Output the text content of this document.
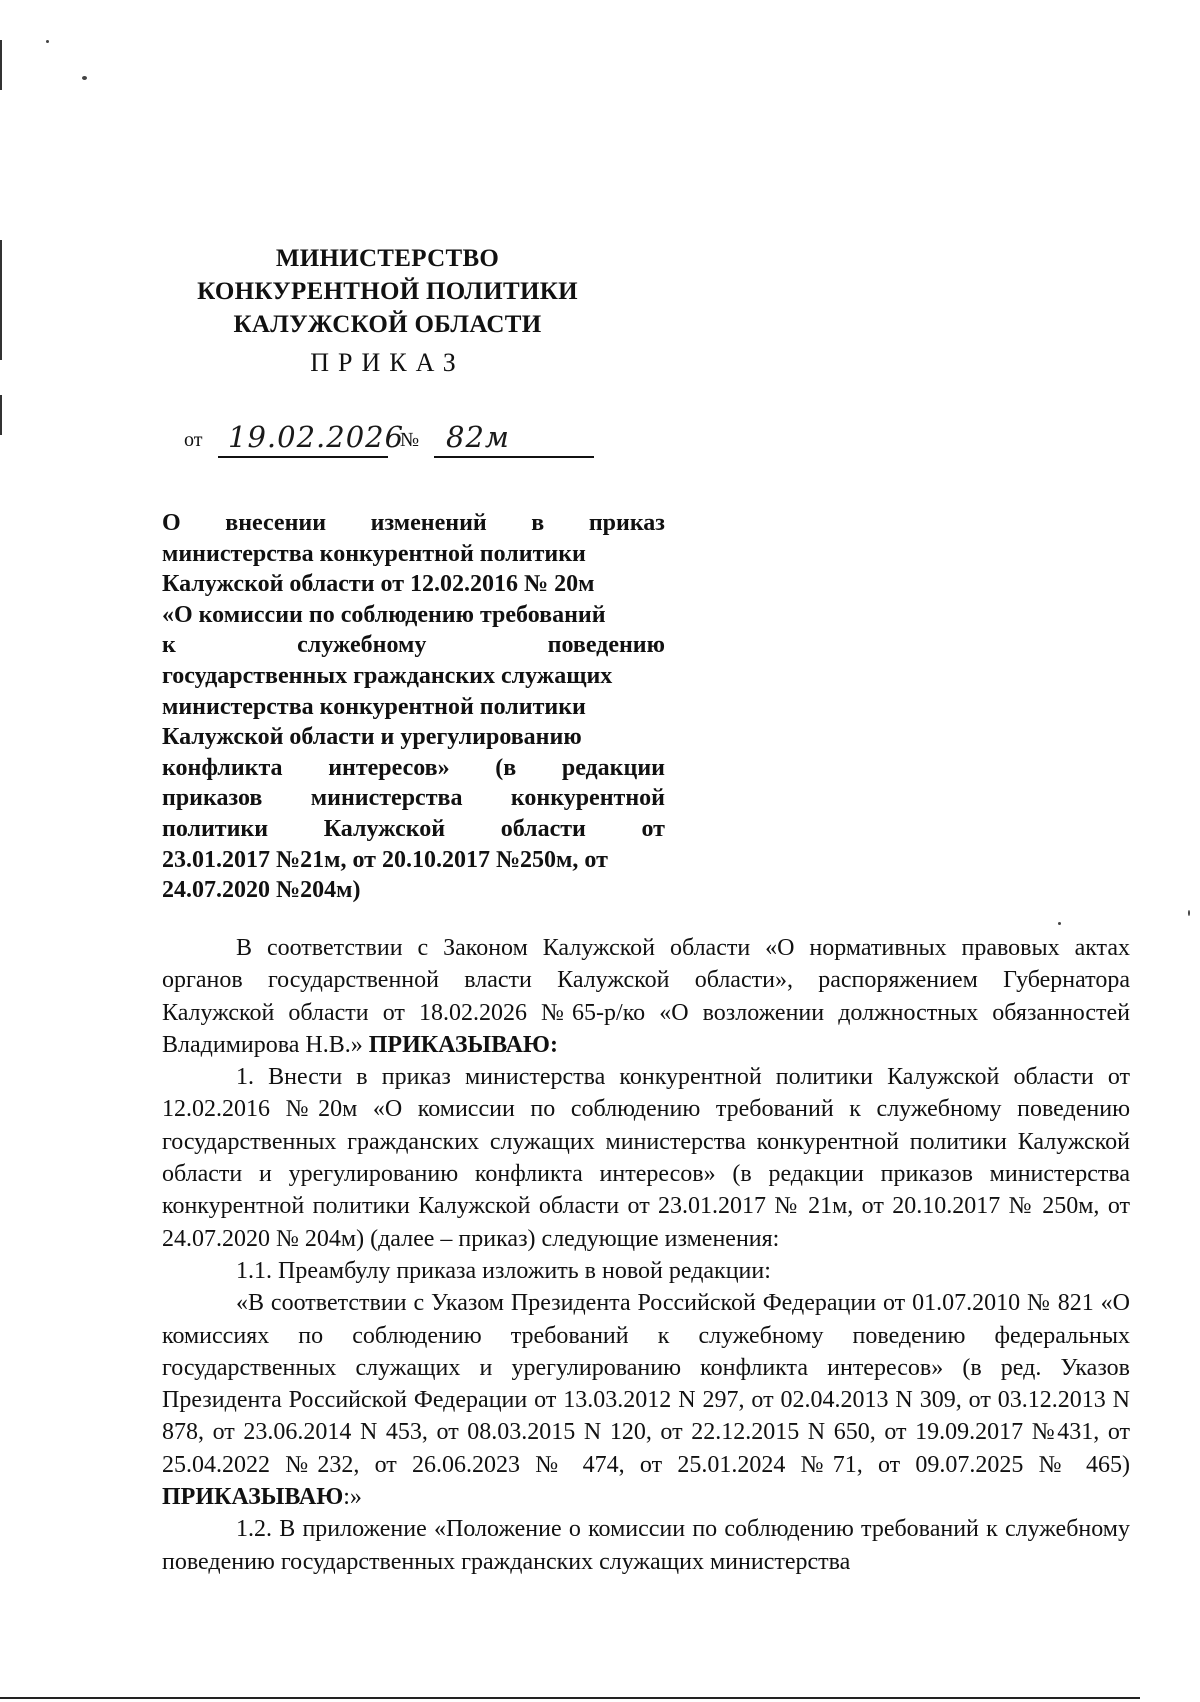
МИНИСТЕРСТВО
КОНКУРЕНТНОЙ ПОЛИТИКИ
КАЛУЖСКОЙ ОБЛАСТИ
ПРИКАЗ
от 19.02.2026
№ 82м
О внесении изменений в приказ
министерства конкурентной политики
Калужской области от 12.02.2016 № 20м
«О комиссии по соблюдению требований
к	служебному	поведению
государственных гражданских служащих
министерства конкурентной политики
Калужской области и урегулированию
конфликта интересов» (в редакции
приказов министерства конкурентной
политики Калужской области от
23.01.2017 №21м, от 20.10.2017 №250м, от
24.07.2020 №204м)

В соответствии с Законом Калужской области «О нормативных правовых актах органов государственной власти Калужской области», распоряжением Губернатора Калужской области от 18.02.2026 №65-р/ко «О возложении должностных обязанностей Владимирова Н.В.» ПРИКАЗЫВАЮ:

1. Внести в приказ министерства конкурентной политики Калужской области от 12.02.2016 №20м «О комиссии по соблюдению требований к служебному поведению государственных гражданских служащих министерства конкурентной политики Калужской области и урегулированию конфликта интересов» (в редакции приказов министерства конкурентной политики Калужской области от 23.01.2017 № 21м, от 20.10.2017 № 250м, от 24.07.2020 № 204м) (далее – приказ) следующие изменения:

1.1. Преамбулу приказа изложить в новой редакции:

«В соответствии с Указом Президента Российской Федерации от 01.07.2010 № 821 «О комиссиях по соблюдению требований к служебному поведению федеральных государственных служащих и урегулированию конфликта интересов» (в ред. Указов Президента Российской Федерации от 13.03.2012 N 297, от 02.04.2013 N 309, от 03.12.2013 N 878, от 23.06.2014 N 453, от 08.03.2015 N 120, от 22.12.2015 N 650, от 19.09.2017 №431, от 25.04.2022 №232, от 26.06.2023 № 474, от 25.01.2024 №71, от 09.07.2025 № 465) ПРИКАЗЫВАЮ:»

1.2. В приложение «Положение о комиссии по соблюдению требований к служебному поведению государственных гражданских служащих министерства
